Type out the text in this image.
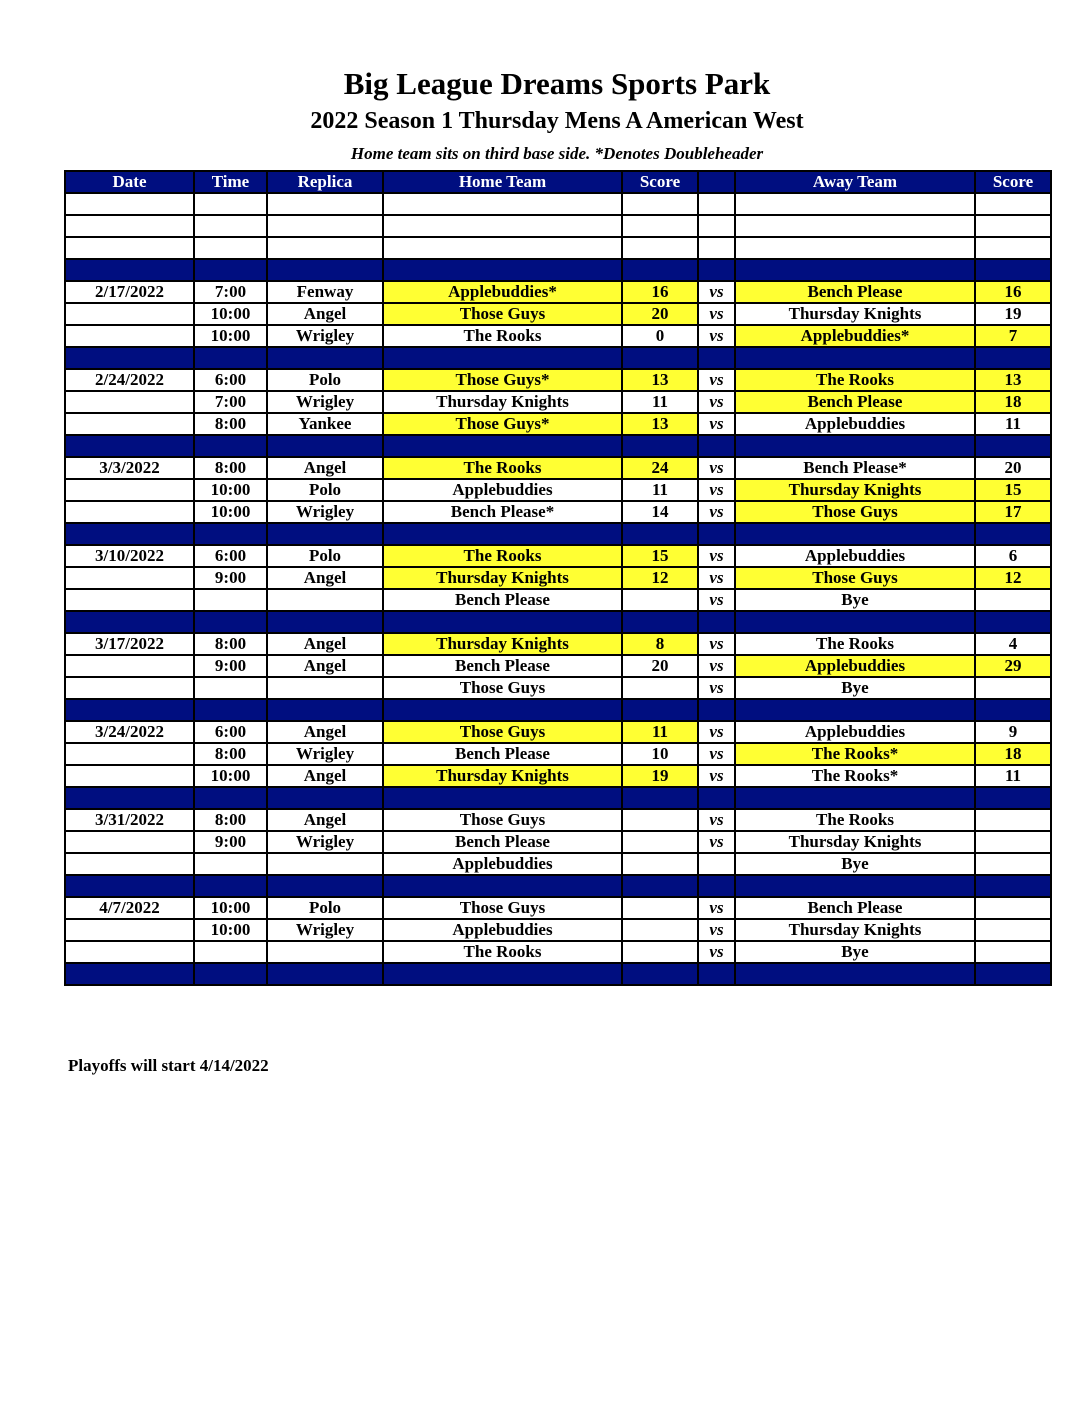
Big League Dreams Sports Park
2022 Season 1 Thursday Mens A American West
Home team sits on third base side. *Denotes Doubleheader
Date	Time	Replica	Home Team	Score		Away Team	Score

2/17/2022	7:00	Fenway	Applebuddies*	16	vs	Bench Please	16
	10:00	Angel	Those Guys	20	vs	Thursday Knights	19
	10:00	Wrigley	The Rooks	0	vs	Applebuddies*	7

2/24/2022	6:00	Polo	Those Guys*	13	vs	The Rooks	13
	7:00	Wrigley	Thursday Knights	11	vs	Bench Please	18
	8:00	Yankee	Those Guys*	13	vs	Applebuddies	11

3/3/2022	8:00	Angel	The Rooks	24	vs	Bench Please*	20
	10:00	Polo	Applebuddies	11	vs	Thursday Knights	15
	10:00	Wrigley	Bench Please*	14	vs	Those Guys	17

3/10/2022	6:00	Polo	The Rooks	15	vs	Applebuddies	6
	9:00	Angel	Thursday Knights	12	vs	Those Guys	12
			Bench Please		vs	Bye	

3/17/2022	8:00	Angel	Thursday Knights	8	vs	The Rooks	4
	9:00	Angel	Bench Please	20	vs	Applebuddies	29
			Those Guys		vs	Bye	

3/24/2022	6:00	Angel	Those Guys	11	vs	Applebuddies	9
	8:00	Wrigley	Bench Please	10	vs	The Rooks*	18
	10:00	Angel	Thursday Knights	19	vs	The Rooks*	11

3/31/2022	8:00	Angel	Those Guys		vs	The Rooks	
	9:00	Wrigley	Bench Please		vs	Thursday Knights	
			Applebuddies			Bye	

4/7/2022	10:00	Polo	Those Guys		vs	Bench Please	
	10:00	Wrigley	Applebuddies		vs	Thursday Knights	
			The Rooks		vs	Bye	

Playoffs will start 4/14/2022
